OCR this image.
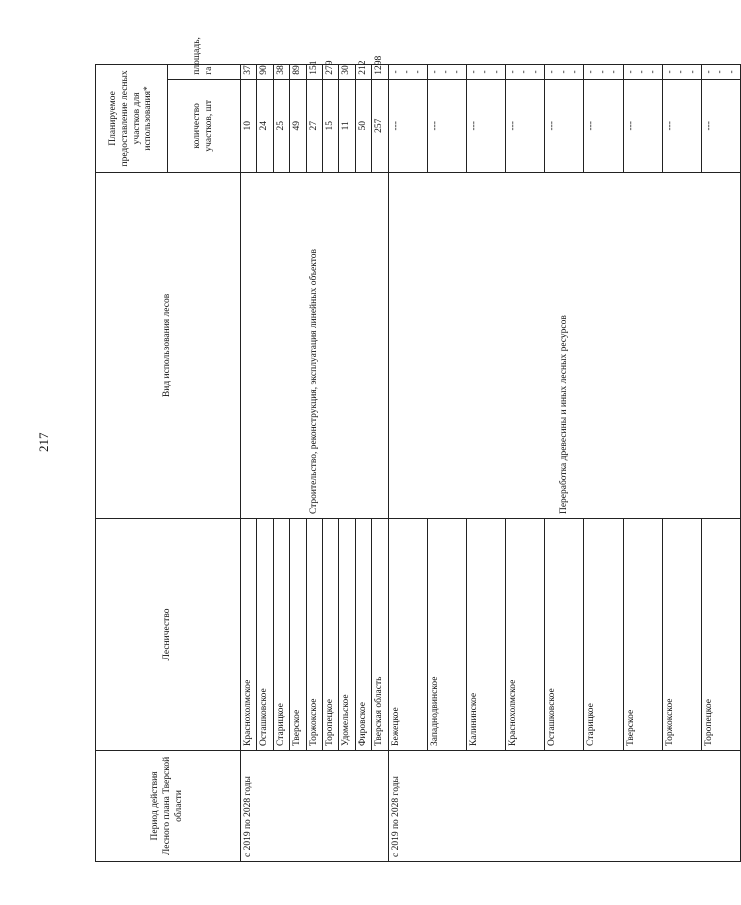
217
Период действия Лесного плана Тверской области	Лесничество	Вид использования лесов	Планируемое предоставление лесных участков для использования*	
			количество участков, шт	площадь, га
с 2019 по 2028 годы	Краснохолмское	Строительство, реконструкция, эксплуатация линейных объектов	10	37
	Осташковское		24	90
	Старицкое		25	38
	Тверское		49	89
	Торжокское		27	151
	Торопецкое		15	279
	Удомельское		11	30
	Фировское		50	212
	Тверская область		257	1298
с 2019 по 2028 годы	Бежецкое	Переработка древесины и иных лесных ресурсов	---	---
	Западнодвинское		---	---
	Калининское		---	---
	Краснохолмское		---	---
	Осташковское		---	---
	Старицкое		---	---
	Тверское		---	---
	Торжокское		---	---
	Торопецкое		---	---
